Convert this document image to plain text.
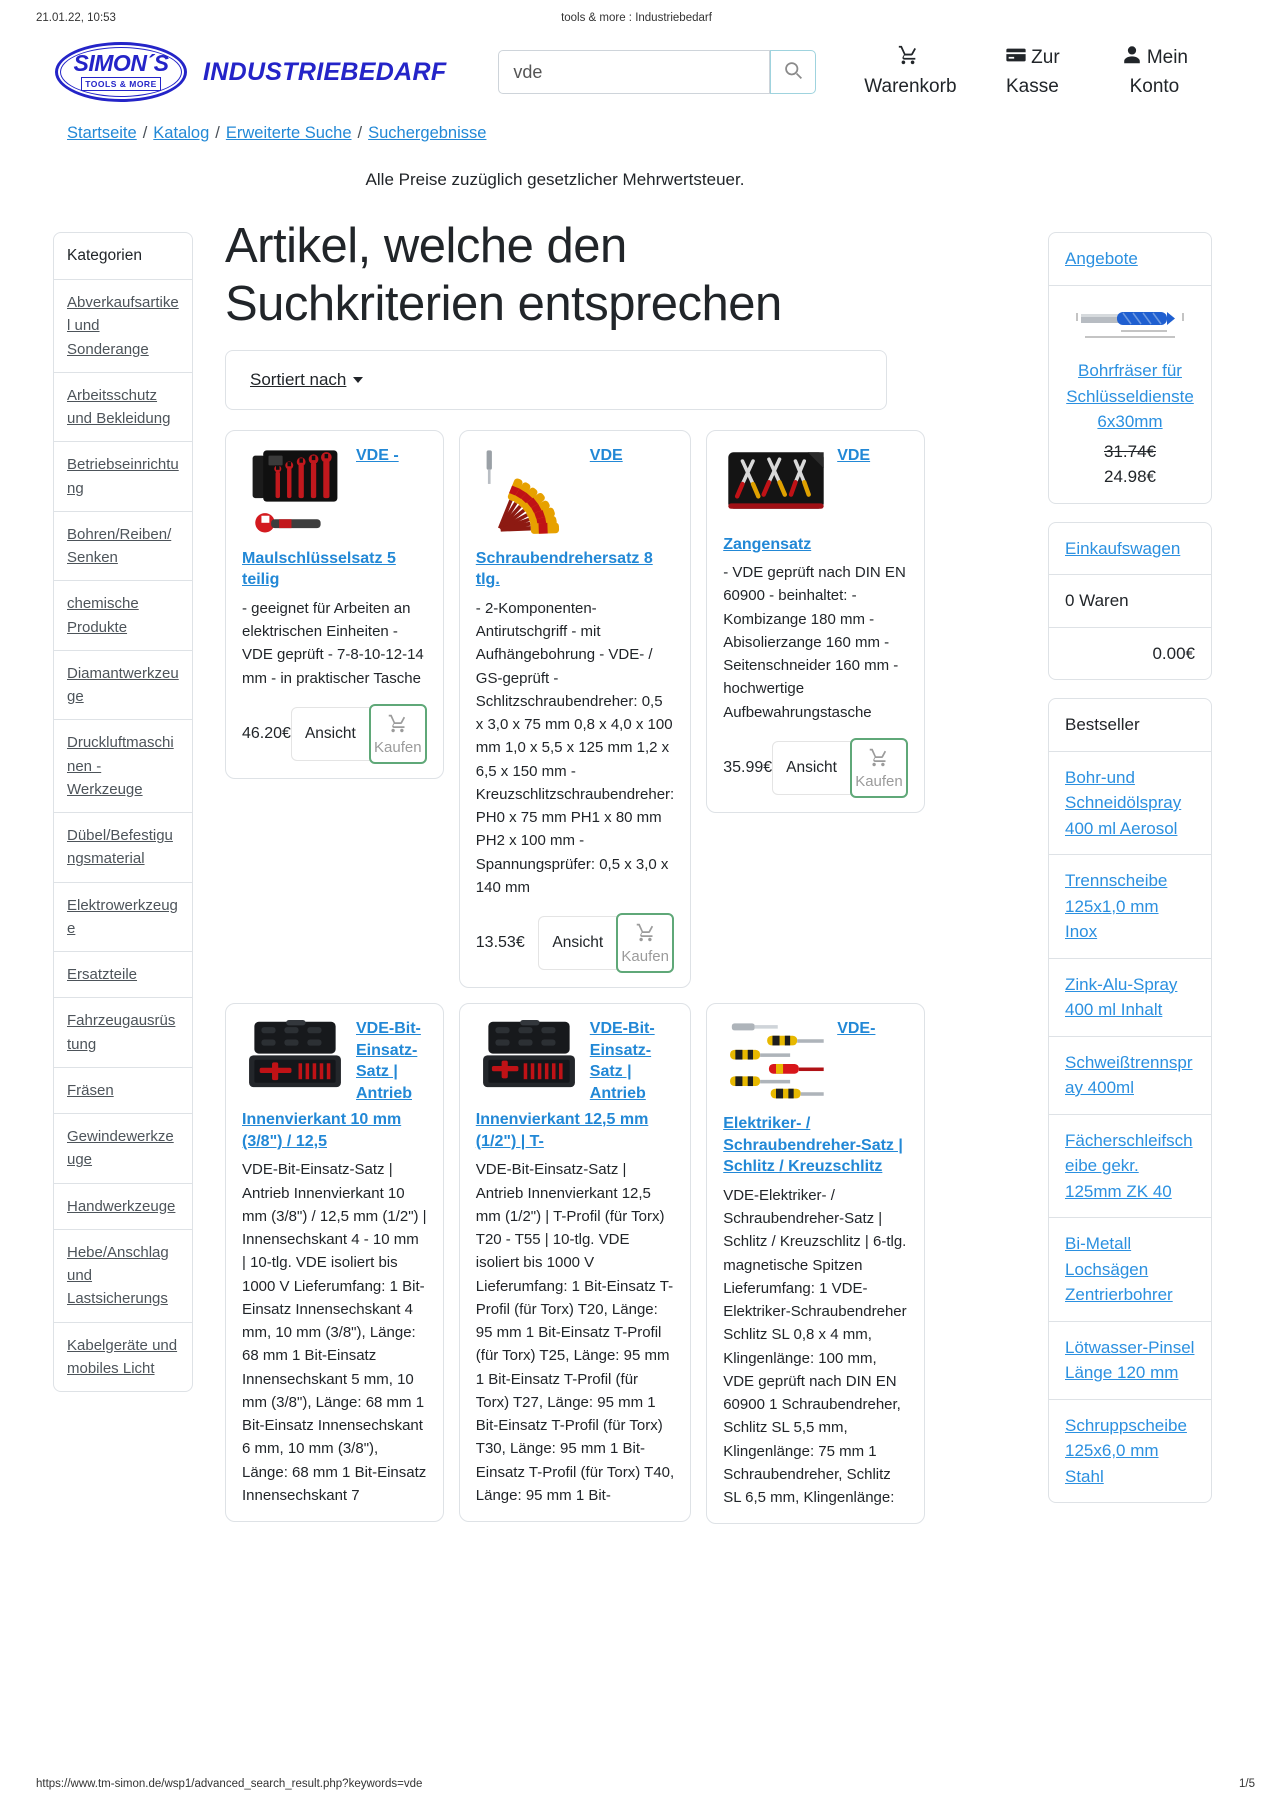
21.01.22, 10:53	tools & more : Industriebedarf
SIMON´S
TOOLS & MORE INDUSTRIEBEDARF
vde
Warenkorb
Zur Kasse
Mein Konto
Startseite / Katalog / Erweiterte Suche / Suchergebnisse
Alle Preise zuzüglich gesetzlicher Mehrwertsteuer.
Kategorien
Abverkaufsartikel und Sonderange
Arbeitsschutz und Bekleidung
Betriebseinrichtung
Bohren/Reiben/Senken
chemische Produkte
Diamantwerkzeuge
Druckluftmaschinen - Werkzeuge
Dübel/Befestigungsmaterial
Elektrowerkzeuge
Ersatzteile
Fahrzeugausrüstung
Fräsen
Gewindewerkzeuge
Handwerkzeuge
Hebe/Anschlag und Lastsicherungs
Kabelgeräte und mobiles Licht
Artikel, welche den Suchkriterien entsprechen
Sortiert nach
VDE - Maulschlüsselsatz 5 teilig
- geeignet für Arbeiten an elektrischen Einheiten - VDE geprüft - 7-8-10-12-14 mm - in praktischer Tasche
46.20€ Ansicht
Kaufen
VDE Schraubendrehersatz 8 tlg.
- 2-Komponenten-Antirutschgriff - mit Aufhängebohrung - VDE- / GS-geprüft - Schlitzschraubendreher: 0,5 x 3,0 x 75 mm 0,8 x 4,0 x 100 mm 1,0 x 5,5 x 125 mm 1,2 x 6,5 x 150 mm - Kreuzschlitzschraubendreher: PH0 x 75 mm PH1 x 80 mm PH2 x 100 mm - Spannungsprüfer: 0,5 x 3,0 x 140 mm
13.53€	Ansicht
Kaufen
VDE Zangensatz
- VDE geprüft nach DIN EN 60900 - beinhaltet: - Kombizange 180 mm - Abisolierzange 160 mm - Seitenschneider 160 mm - hochwertige Aufbewahrungstasche
35.99€ Ansicht
Kaufen
VDE-Bit-Einsatz-Satz | Antrieb Innenvierkant 10 mm (3/8") / 12,5
VDE-Bit-Einsatz-Satz | Antrieb Innenvierkant 10 mm (3/8") / 12,5 mm (1/2") | Innensechskant 4 - 10 mm | 10-tlg. VDE isoliert bis 1000 V Lieferumfang: 1 Bit-Einsatz Innensechskant 4 mm, 10 mm (3/8"), Länge: 68 mm 1 Bit-Einsatz Innensechskant 5 mm, 10 mm (3/8"), Länge: 68 mm 1 Bit-Einsatz Innensechskant 6 mm, 10 mm (3/8"), Länge: 68 mm 1 Bit-Einsatz Innensechskant 7
VDE-Bit-Einsatz-Satz | Antrieb Innenvierkant 12,5 mm (1/2") | T-
VDE-Bit-Einsatz-Satz | Antrieb Innenvierkant 12,5 mm (1/2") | T-Profil (für Torx) T20 - T55 | 10-tlg. VDE isoliert bis 1000 V Lieferumfang: 1 Bit-Einsatz T-Profil (für Torx) T20, Länge: 95 mm 1 Bit-Einsatz T-Profil (für Torx) T25, Länge: 95 mm 1 Bit-Einsatz T-Profil (für Torx) T27, Länge: 95 mm 1 Bit-Einsatz T-Profil (für Torx) T30, Länge: 95 mm 1 Bit-Einsatz T-Profil (für Torx) T40, Länge: 95 mm 1 Bit-
VDE- Elektriker- / Schraubendreher-Satz | Schlitz / Kreuzschlitz
VDE-Elektriker- / Schraubendreher-Satz | Schlitz / Kreuzschlitz | 6-tlg. magnetische Spitzen Lieferumfang: 1 VDE-Elektriker-Schraubendreher Schlitz SL 0,8 x 4 mm, Klingenlänge: 100 mm, VDE geprüft nach DIN EN 60900 1 Schraubendreher, Schlitz SL 5,5 mm, Klingenlänge: 75 mm 1 Schraubendreher, Schlitz SL 6,5 mm, Klingenlänge:
Angebote
Bohrfräser für Schlüsseldienste 6x30mm
31.74€
24.98€
Einkaufswagen
0 Waren
0.00€
Bestseller
Bohr-und Schneidölspray 400 ml Aerosol
Trennscheibe 125x1,0 mm Inox
Zink-Alu-Spray 400 ml Inhalt
Schweißtrennspray 400ml
Fächerschleifscheibe gekr. 125mm ZK 40
Bi-Metall Lochsägen Zentrierbohrer
Lötwasser-Pinsel Länge 120 mm
Schruppscheibe 125x6,0 mm Stahl
https://www.tm-simon.de/wsp1/advanced_search_result.php?keywords=vde	1/5
